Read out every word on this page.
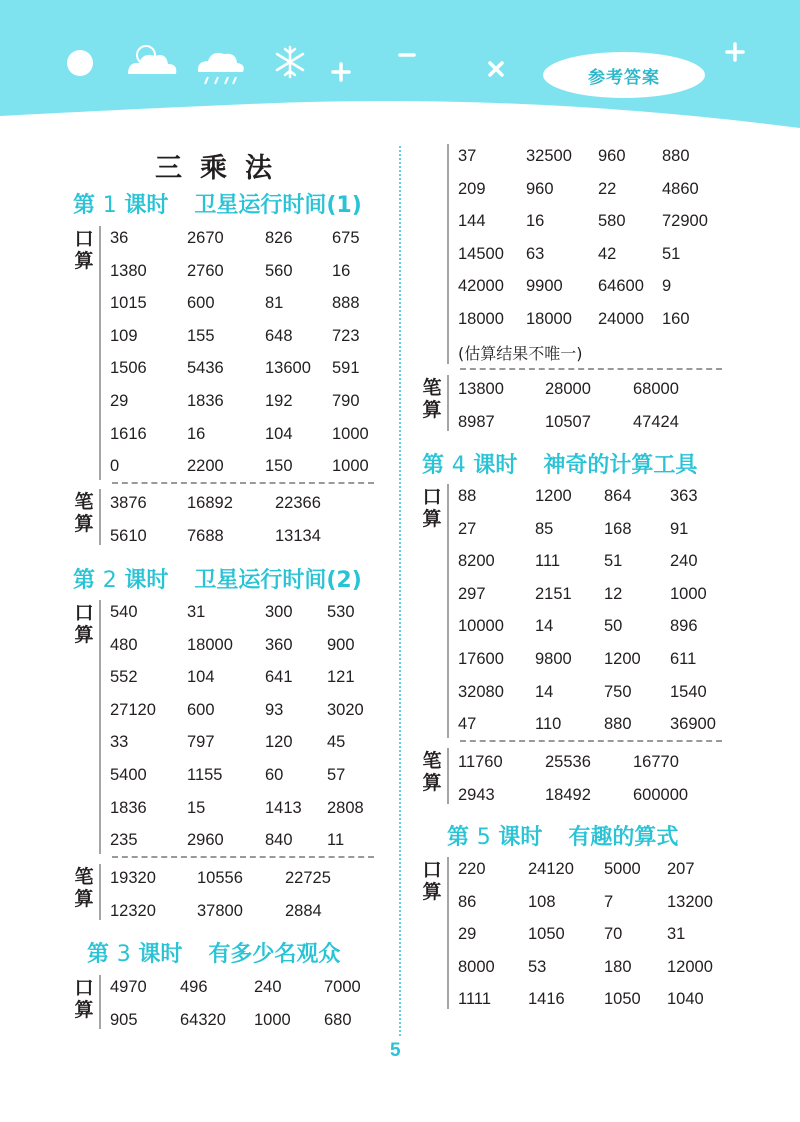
参考答案
三乘法
第 1 课时 卫星运行时间(1)
口
算
36	2670	826 675
1380 2760	560 16
1015 600	81	888
109	155	648 723
1506 5436	13600 591
29	1836	192 790
1616 16	104 1000
0	2200	150 1000
笔
算
3876 16892	22366
5610 7688	13134
第 2 课时 卫星运行时间(2)
口
算
540	31	300 530
480	18000 360 900
552	104	641 121
27120 600	93	3020
33	797	120 45
5400 1155	60	57
1836 15	1413 2808
235	2960	840 11
笔
算
19320 10556	22725
12320 37800	2884
第 3 课时 有多少名观众
口
算
4970 496	240	7000
905	64320 1000 680
37	32500 960 880
209 960	22	4860
144 16	580 72900
14500 63	42	51
42000 9900 64600 9
18000 18000 24000 160
(估算结果不唯一)
笔
算
13800 28000	68000
8987	10507	47424
第 4 课时 神奇的计算工具
口
算
88	1200 864 363
27	85	168 91
8200 111	51	240
297	2151 12	1000
10000 14	50	896
17600 9800 1200 611
32080 14	750 1540
47	110	880 36900
笔
算
11760	25536	16770
2943	18492	600000
第 5 课时 有趣的算式
口
算
220	24120 5000 207
86	108	7	13200
29	1050 70	31
8000 53	180 12000
1111 1416 1050 1040
5
